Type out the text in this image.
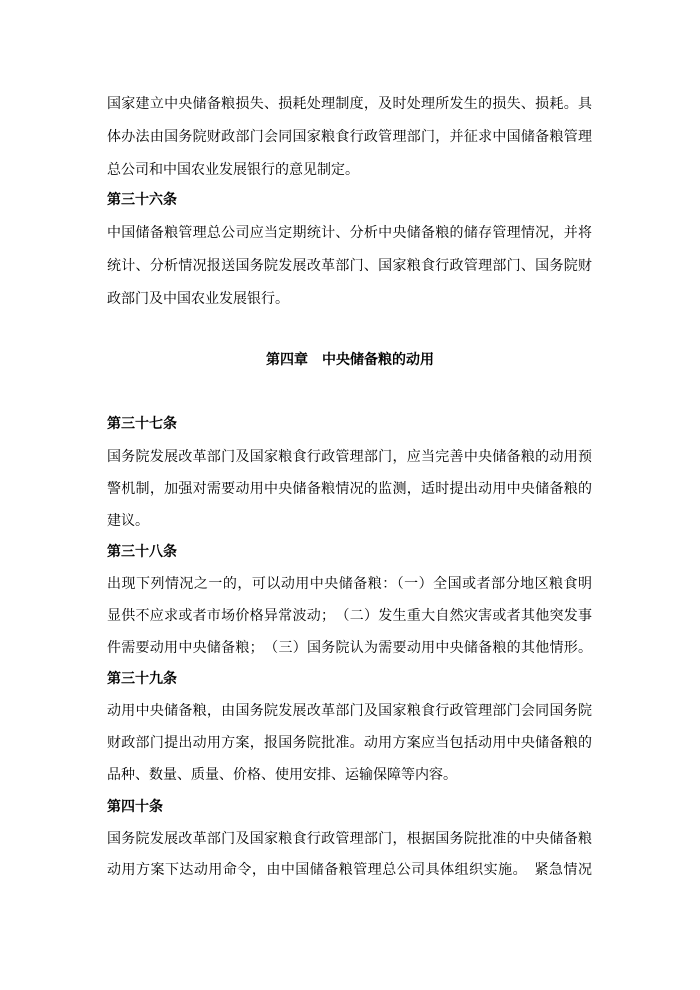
国家建立中央储备粮损失、损耗处理制度，及时处理所发生的损失、损耗。具
体办法由国务院财政部门会同国家粮食行政管理部门，并征求中国储备粮管理
总公司和中国农业发展银行的意见制定。
第三十六条
中国储备粮管理总公司应当定期统计、分析中央储备粮的储存管理情况，并将
统计、分析情况报送国务院发展改革部门、国家粮食行政管理部门、国务院财
政部门及中国农业发展银行。
第四章　中央储备粮的动用
第三十七条
国务院发展改革部门及国家粮食行政管理部门，应当完善中央储备粮的动用预
警机制，加强对需要动用中央储备粮情况的监测，适时提出动用中央储备粮的
建议。
第三十八条
出现下列情况之一的，可以动用中央储备粮：（一）全国或者部分地区粮食明
显供不应求或者市场价格异常波动；　（二）发生重大自然灾害或者其他突发事
件需要动用中央储备粮；　（三）国务院认为需要动用中央储备粮的其他情形。
第三十九条
动用中央储备粮，由国务院发展改革部门及国家粮食行政管理部门会同国务院
财政部门提出动用方案，报国务院批准。动用方案应当包括动用中央储备粮的
品种、数量、质量、价格、使用安排、运输保障等内容。
第四十条
国务院发展改革部门及国家粮食行政管理部门，根据国务院批准的中央储备粮
动用方案下达动用命令，由中国储备粮管理总公司具体组织实施。　紧急情况
